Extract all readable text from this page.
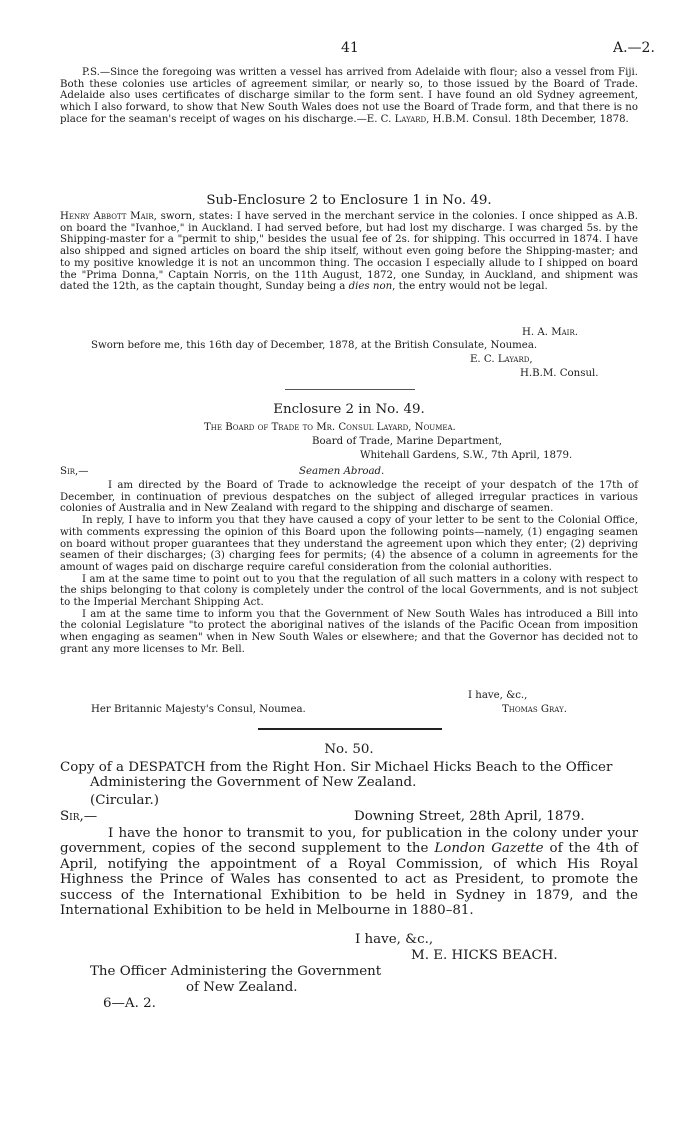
41	A.—2.

P.S.—Since the foregoing was written a vessel has arrived from Adelaide with flour; also a vessel from Fiji. Both these colonies use articles of agreement similar, or nearly so, to those issued by the Board of Trade. Adelaide also uses certificates of discharge similar to the form sent. I have found an old Sydney agreement, which I also forward, to show that New South Wales does not use the Board of Trade form, and that there is no place for the seaman's receipt of wages on his discharge.—E. C. Layard, H.B.M. Consul. 18th December, 1878.

Sub-Enclosure 2 to Enclosure 1 in No. 49.

Henry Abbott Mair, sworn, states: I have served in the merchant service in the colonies. I once shipped as A.B. on board the "Ivanhoe," in Auckland. I had served before, but had lost my discharge. I was charged 5s. by the Shipping-master for a "permit to ship," besides the usual fee of 2s. for shipping. This occurred in 1874. I have also shipped and signed articles on board the ship itself, without even going before the Shipping-master; and to my positive knowledge it is not an uncommon thing. The occasion I especially allude to I shipped on board the "Prima Donna," Captain Norris, on the 11th August, 1872, one Sunday, in Auckland, and shipment was dated the 12th, as the captain thought, Sunday being a dies non, the entry would not be legal.

H. A. Mair.
Sworn before me, this 16th day of December, 1878, at the British Consulate, Noumea.
E. C. Layard,
H.B.M. Consul.
Enclosure 2 in No. 49.
The Board of Trade to Mr. Consul Layard, Noumea.
Board of Trade, Marine Department,
Whitehall Gardens, S.W., 7th April, 1879.
Sir,—	Seamen Abroad.

I am directed by the Board of Trade to acknowledge the receipt of your despatch of the 17th of December, in continuation of previous despatches on the subject of alleged irregular practices in various colonies of Australia and in New Zealand with regard to the shipping and discharge of seamen.

In reply, I have to inform you that they have caused a copy of your letter to be sent to the Colonial Office, with comments expressing the opinion of this Board upon the following points—namely, (1) engaging seamen on board without proper guarantees that they understand the agreement upon which they enter; (2) depriving seamen of their discharges; (3) charging fees for permits; (4) the absence of a column in agreements for the amount of wages paid on discharge require careful consideration from the colonial authorities.

I am at the same time to point out to you that the regulation of all such matters in a colony with respect to the ships belonging to that colony is completely under the control of the local Governments, and is not subject to the Imperial Merchant Shipping Act.

I am at the same time to inform you that the Government of New South Wales has introduced a Bill into the colonial Legislature "to protect the aboriginal natives of the islands of the Pacific Ocean from imposition when engaging as seamen" when in New South Wales or elsewhere; and that the Governor has decided not to grant any more licenses to Mr. Bell.

I have, &c.,
Her Britannic Majesty's Consul, Noumea.	Thomas Gray.
No. 50.

Copy of a DESPATCH from the Right Hon. Sir Michael Hicks Beach to the Officer Administering the Government of New Zealand.

(Circular.)
Sir,—	Downing Street, 28th April, 1879.

I have the honor to transmit to you, for publication in the colony under your government, copies of the second supplement to the London Gazette of the 4th of April, notifying the appointment of a Royal Commission, of which His Royal Highness the Prince of Wales has consented to act as President, to promote the success of the International Exhibition to be held in Sydney in 1879, and the International Exhibition to be held in Melbourne in 1880–81.

I have, &c.,
M. E. HICKS BEACH.
The Officer Administering the Government
of New Zealand.
6—A. 2.
